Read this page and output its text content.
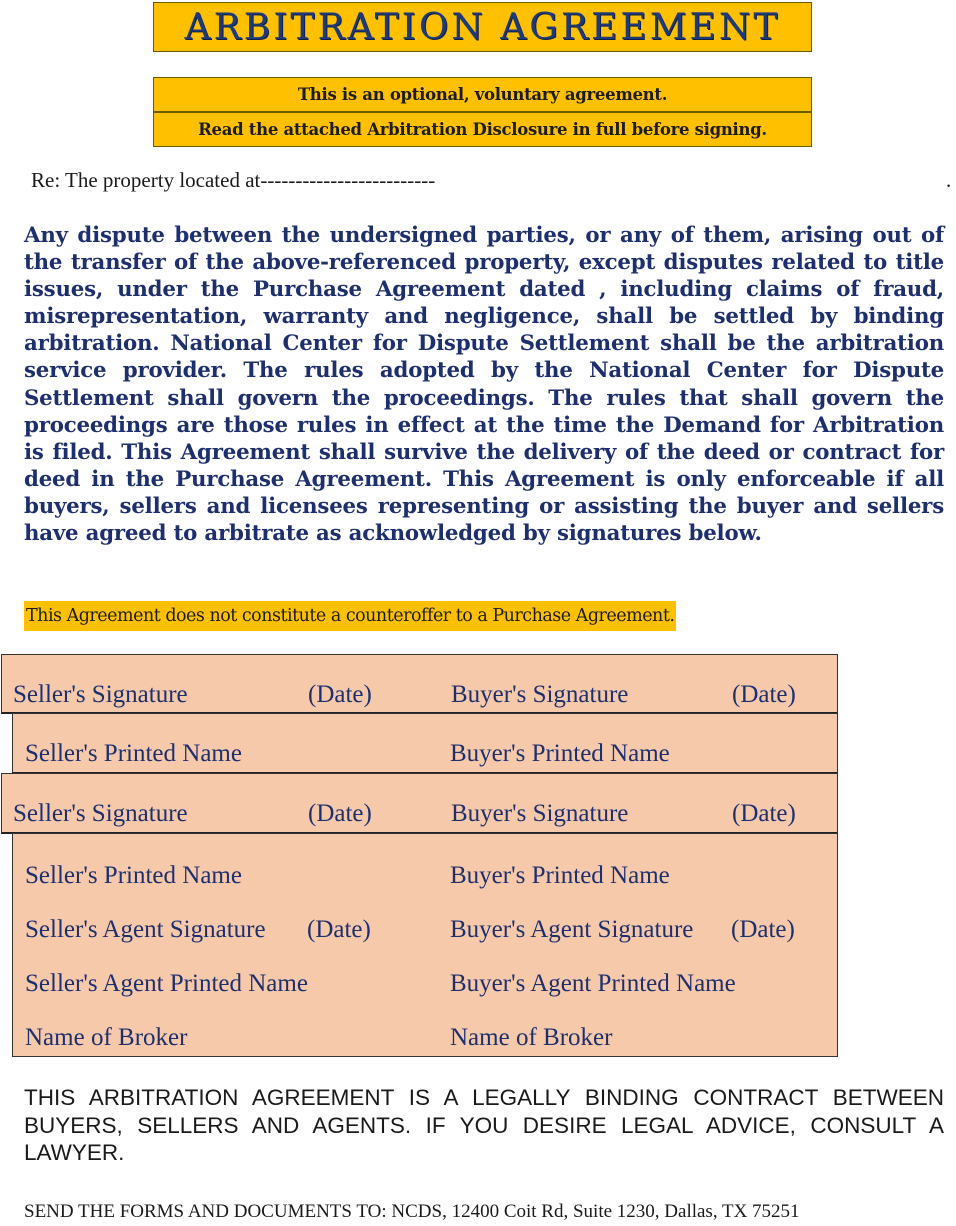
ARBITRATION AGREEMENT
This is an optional, voluntary agreement.
Read the attached Arbitration Disclosure in full before signing.
Re: The property located at-------------------------	.
Any dispute between the undersigned parties, or any of them, arising out of the transfer of the above-referenced property, except disputes related to title issues, under the Purchase Agreement dated , including claims of fraud, misrepresentation, warranty and negligence, shall be settled by binding arbitration. National Center for Dispute Settlement shall be the arbitration service provider. The rules adopted by the National Center for Dispute Settlement shall govern the proceedings. The rules that shall govern the proceedings are those rules in effect at the time the Demand for Arbitration is filed. This Agreement shall survive the delivery of the deed or contract for deed in the Purchase Agreement. This Agreement is only enforceable if all buyers, sellers and licensees representing or assisting the buyer and sellers have agreed to arbitrate as acknowledged by signatures below.
This Agreement does not constitute a counteroffer to a Purchase Agreement.
Seller's Signature	(Date)	Buyer's Signature	(Date)
Seller's Printed Name	Buyer's Printed Name
Seller's Signature	(Date)	Buyer's Signature	(Date)
Seller's Printed Name	Buyer's Printed Name
Seller's Agent Signature (Date)	Buyer's Agent Signature (Date)
Seller's Agent Printed Name	Buyer's Agent Printed Name
Name of Broker	Name of Broker
THIS ARBITRATION AGREEMENT IS A LEGALLY BINDING CONTRACT BETWEEN BUYERS, SELLERS AND AGENTS. IF YOU DESIRE LEGAL ADVICE, CONSULT A LAWYER.
SEND THE FORMS AND DOCUMENTS TO: NCDS, 12400 Coit Rd, Suite 1230, Dallas, TX 75251
